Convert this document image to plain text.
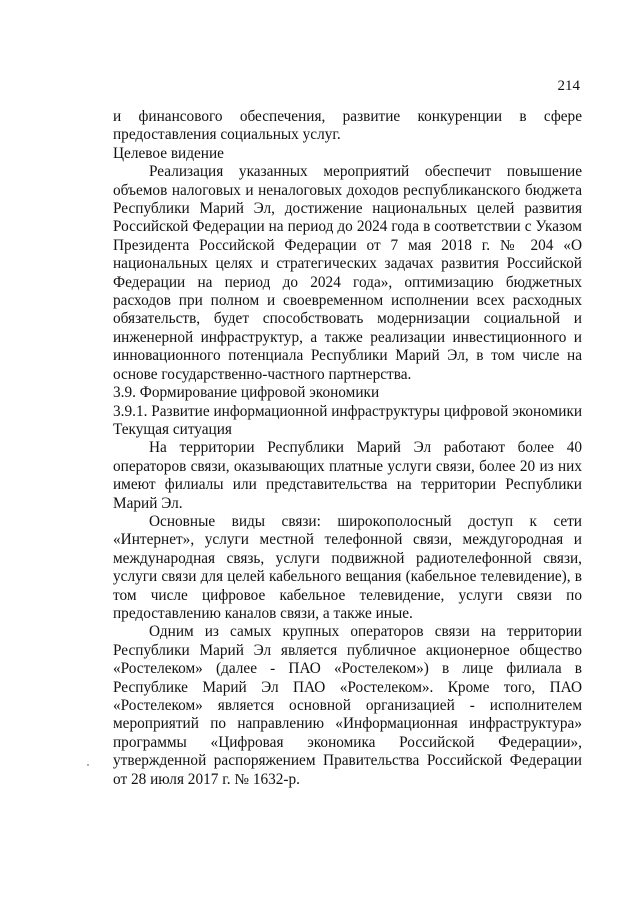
214

и финансового обеспечения, развитие конкуренции в сфере предоставления социальных услуг.

Целевое видение

Реализация указанных мероприятий обеспечит повышение объемов налоговых и неналоговых доходов республиканского бюджета Республики Марий Эл, достижение национальных целей развития Российской Федерации на период до 2024 года в соответствии с Указом Президента Российской Федерации от 7 мая 2018 г. № 204 «О национальных целях и стратегических задачах развития Российской Федерации на период до 2024 года», оптимизацию бюджетных расходов при полном и своевременном исполнении всех расходных обязательств, будет способствовать модернизации социальной и инженерной инфраструктур, а также реализации инвестиционного и инновационного потенциала Республики Марий Эл, в том числе на основе государственно-частного партнерства.

3.9. Формирование цифровой экономики

3.9.1. Развитие информационной инфраструктуры цифровой экономики

Текущая ситуация

На территории Республики Марий Эл работают более 40 операторов связи, оказывающих платные услуги связи, более 20 из них имеют филиалы или представительства на территории Республики Марий Эл.

Основные виды связи: широкополосный доступ к сети «Интернет», услуги местной телефонной связи, междугородная и международная связь, услуги подвижной радиотелефонной связи, услуги связи для целей кабельного вещания (кабельное телевидение), в том числе цифровое кабельное телевидение, услуги связи по предоставлению каналов связи, а также иные.

Одним из самых крупных операторов связи на территории Республики Марий Эл является публичное акционерное общество «Ростелеком» (далее - ПАО «Ростелеком») в лице филиала в Республике Марий Эл ПАО «Ростелеком». Кроме того, ПАО «Ростелеком» является основной организацией - исполнителем мероприятий по направлению «Информационная инфраструктура» программы «Цифровая экономика Российской Федерации», утвержденной распоряжением Правительства Российской Федерации от 28 июля 2017 г. № 1632-р.
